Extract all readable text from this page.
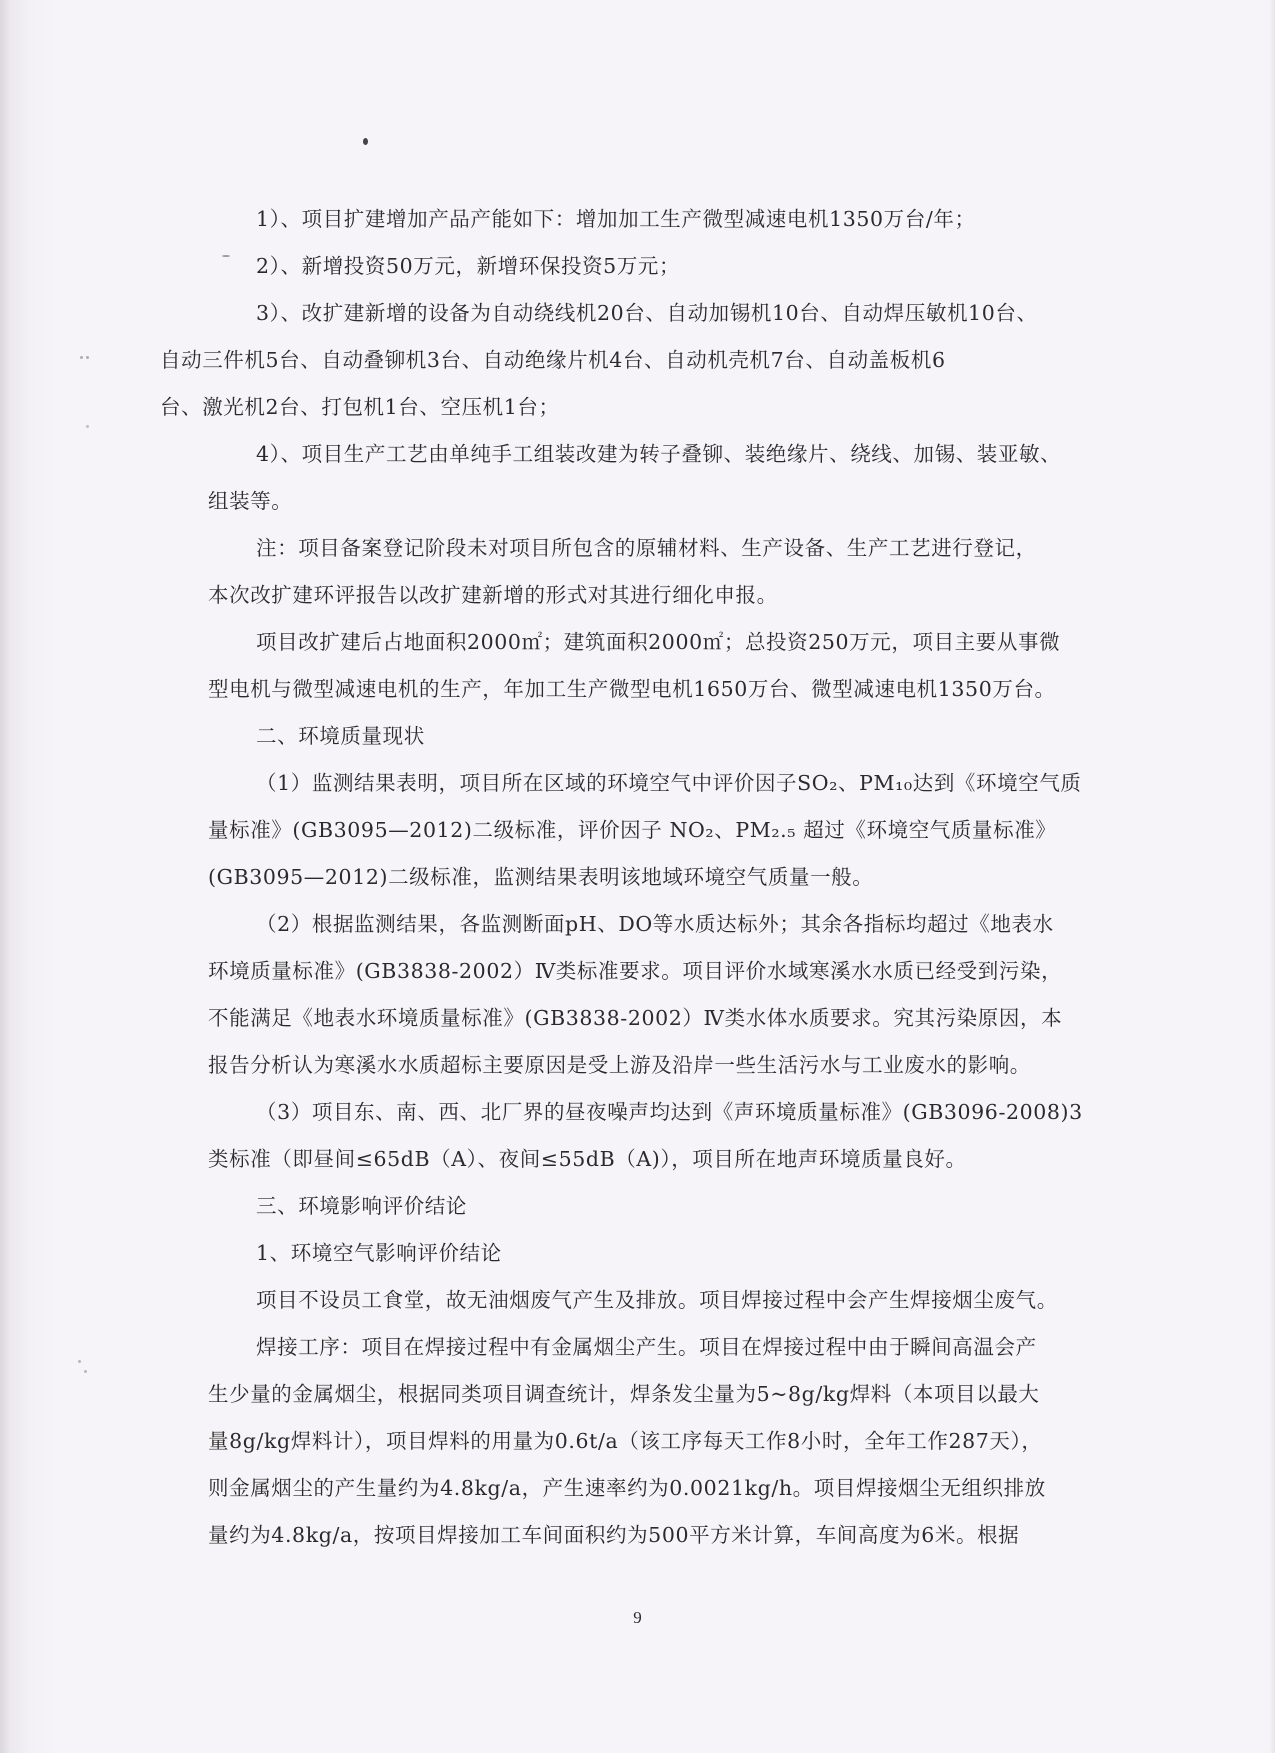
1）、项目扩建增加产品产能如下：增加加工生产微型减速电机1350万台/年；

2）、新增投资50万元，新增环保投资5万元；

3）、改扩建新增的设备为自动绕线机20台、自动加锡机10台、自动焊压敏机10台、
自动三件机5台、自动叠铆机3台、自动绝缘片机4台、自动机壳机7台、自动盖板机6
台、激光机2台、打包机1台、空压机1台；

4）、项目生产工艺由单纯手工组装改建为转子叠铆、装绝缘片、绕线、加锡、装亚敏、
组装等。

注：项目备案登记阶段未对项目所包含的原辅材料、生产设备、生产工艺进行登记，
本次改扩建环评报告以改扩建新增的形式对其进行细化申报。

项目改扩建后占地面积2000㎡；建筑面积2000㎡；总投资250万元，项目主要从事微
型电机与微型减速电机的生产，年加工生产微型电机1650万台、微型减速电机1350万台。

二、环境质量现状

（1）监测结果表明，项目所在区域的环境空气中评价因子SO₂、PM₁₀达到《环境空气质
量标准》(GB3095—2012)二级标准，评价因子 NO₂、PM₂.₅ 超过《环境空气质量标准》
(GB3095—2012)二级标准，监测结果表明该地域环境空气质量一般。

（2）根据监测结果，各监测断面pH、DO等水质达标外；其余各指标均超过《地表水
环境质量标准》(GB3838-2002）Ⅳ类标准要求。项目评价水域寒溪水水质已经受到污染，
不能满足《地表水环境质量标准》(GB3838-2002）Ⅳ类水体水质要求。究其污染原因，本
报告分析认为寒溪水水质超标主要原因是受上游及沿岸一些生活污水与工业废水的影响。

（3）项目东、南、西、北厂界的昼夜噪声均达到《声环境质量标准》(GB3096-2008)3
类标准（即昼间≤65dB（A）、夜间≤55dB（A)），项目所在地声环境质量良好。

三、环境影响评价结论

1、环境空气影响评价结论

项目不设员工食堂，故无油烟废气产生及排放。项目焊接过程中会产生焊接烟尘废气。

焊接工序：项目在焊接过程中有金属烟尘产生。项目在焊接过程中由于瞬间高温会产
生少量的金属烟尘，根据同类项目调查统计，焊条发尘量为5~8g/kg焊料（本项目以最大
量8g/kg焊料计），项目焊料的用量为0.6t/a（该工序每天工作8小时，全年工作287天），
则金属烟尘的产生量约为4.8kg/a，产生速率约为0.0021kg/h。项目焊接烟尘无组织排放
量约为4.8kg/a，按项目焊接加工车间面积约为500平方米计算，车间高度为6米。根据

9
